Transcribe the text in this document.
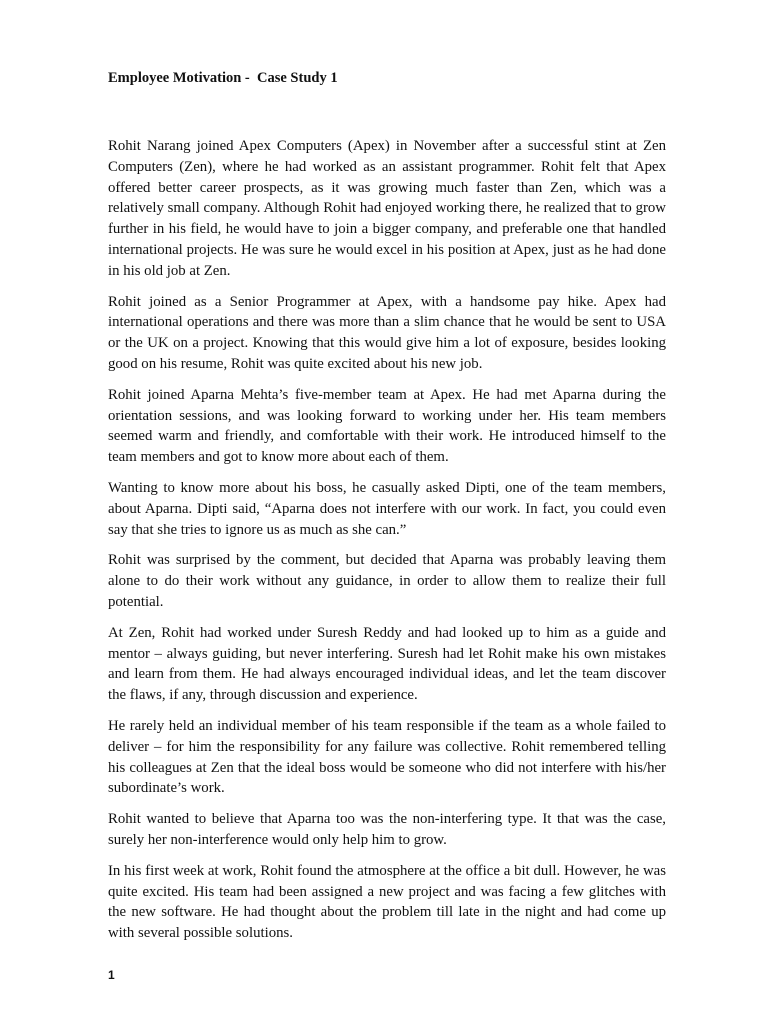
Employee Motivation -  Case Study 1

Rohit Narang joined Apex Computers (Apex) in November after a successful stint at Zen Computers (Zen), where he had worked as an assistant programmer. Rohit felt that Apex offered better career prospects, as it was growing much faster than Zen, which was a relatively small company. Although Rohit had enjoyed working there, he realized that to grow further in his field, he would have to join a bigger company, and preferable one that handled international projects. He was sure he would excel in his position at Apex, just as he had done in his old job at Zen.

Rohit joined as a Senior Programmer at Apex, with a handsome pay hike. Apex had international operations and there was more than a slim chance that he would be sent to USA or the UK on a project. Knowing that this would give him a lot of exposure, besides looking good on his resume, Rohit was quite excited about his new job.

Rohit joined Aparna Mehta’s five-member team at Apex. He had met Aparna during the orientation sessions, and was looking forward to working under her. His team members seemed warm and friendly, and comfortable with their work. He introduced himself to the team members and got to know more about each of them.

Wanting to know more about his boss, he casually asked Dipti, one of the team members, about Aparna. Dipti said, “Aparna does not interfere with our work. In fact, you could even say that she tries to ignore us as much as she can.”

Rohit was surprised by the comment, but decided that Aparna was probably leaving them alone to do their work without any guidance, in order to allow them to realize their full potential.

At Zen, Rohit had worked under Suresh Reddy and had looked up to him as a guide and mentor – always guiding, but never interfering. Suresh had let Rohit make his own mistakes and learn from them. He had always encouraged individual ideas, and let the team discover the flaws, if any, through discussion and experience.

He rarely held an individual member of his team responsible if the team as a whole failed to deliver – for him the responsibility for any failure was collective. Rohit remembered telling his colleagues at Zen that the ideal boss would be someone who did not interfere with his/her subordinate’s work.

Rohit wanted to believe that Aparna too was the non-interfering type. It that was the case, surely her non-interference would only help him to grow.

In his first week at work, Rohit found the atmosphere at the office a bit dull. However, he was quite excited. His team had been assigned a new project and was facing a few glitches with the new software. He had thought about the problem till late in the night and had come up with several possible solutions.

1
